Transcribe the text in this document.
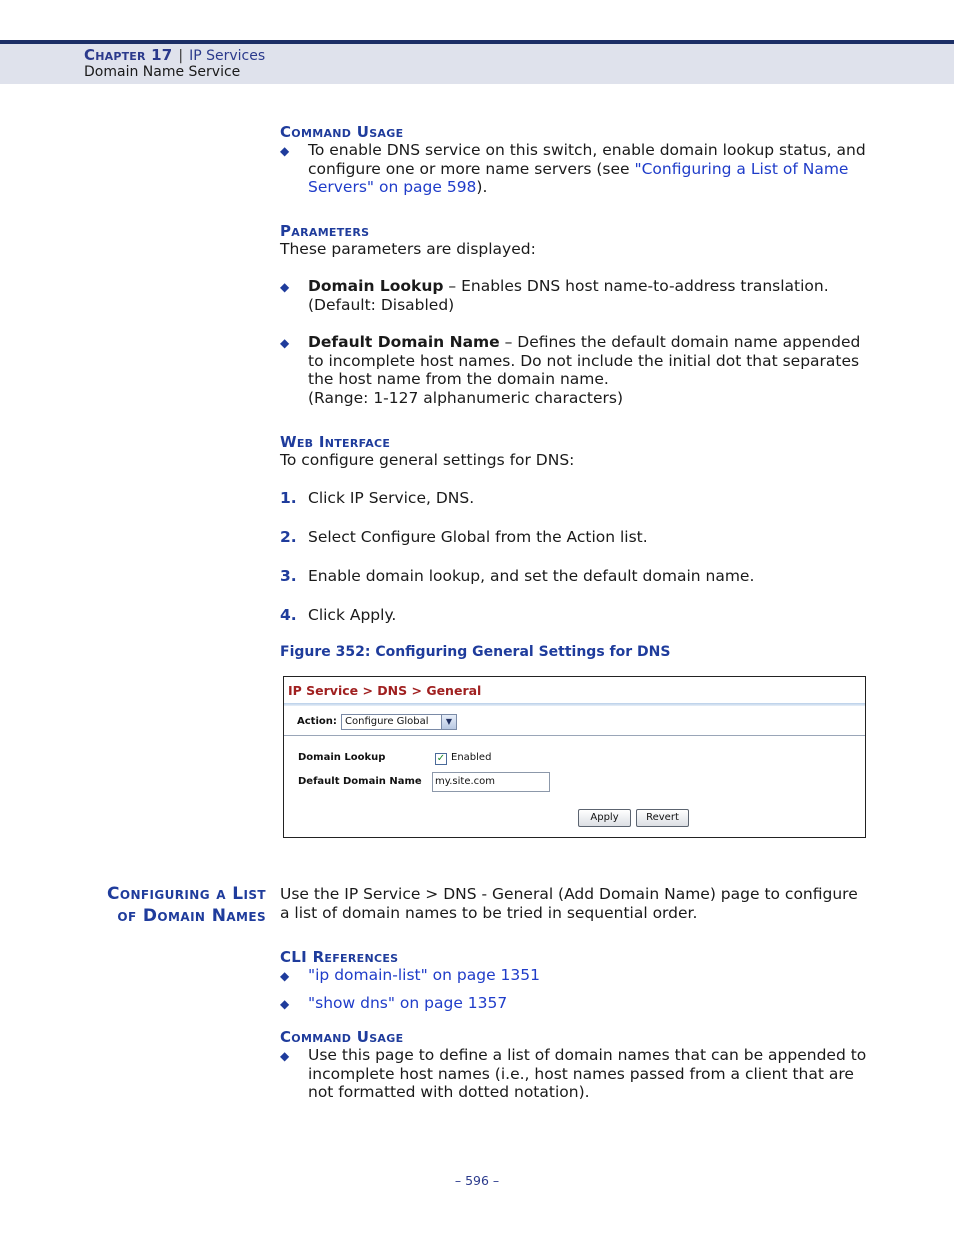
Chapter 17 | IP Services
Domain Name Service
Command Usage
◆ To enable DNS service on this switch, enable domain lookup status, and configure one or more name servers (see "Configuring a List of Name Servers" on page 598).
Parameters
These parameters are displayed:
◆ Domain Lookup – Enables DNS host name-to-address translation. (Default: Disabled)
◆ Default Domain Name – Defines the default domain name appended to incomplete host names. Do not include the initial dot that separates the host name from the domain name.
(Range: 1-127 alphanumeric characters)
Web Interface
To configure general settings for DNS:
1. Click IP Service, DNS.
2. Select Configure Global from the Action list.
3. Enable domain lookup, and set the default domain name.
4. Click Apply.
Figure 352: Configuring General Settings for DNS
IP Service > DNS > General
Action: Configure Global	▼
Domain Lookup	✓ Enabled
Default Domain Name	my.site.com
Apply	Revert
Configuring a List
of Domain Names
Use the IP Service > DNS - General (Add Domain Name) page to configure a list of domain names to be tried in sequential order.
CLI References
◆ "ip domain-list" on page 1351
◆ "show dns" on page 1357
Command Usage
◆ Use this page to define a list of domain names that can be appended to incomplete host names (i.e., host names passed from a client that are not formatted with dotted notation).
– 596 –
